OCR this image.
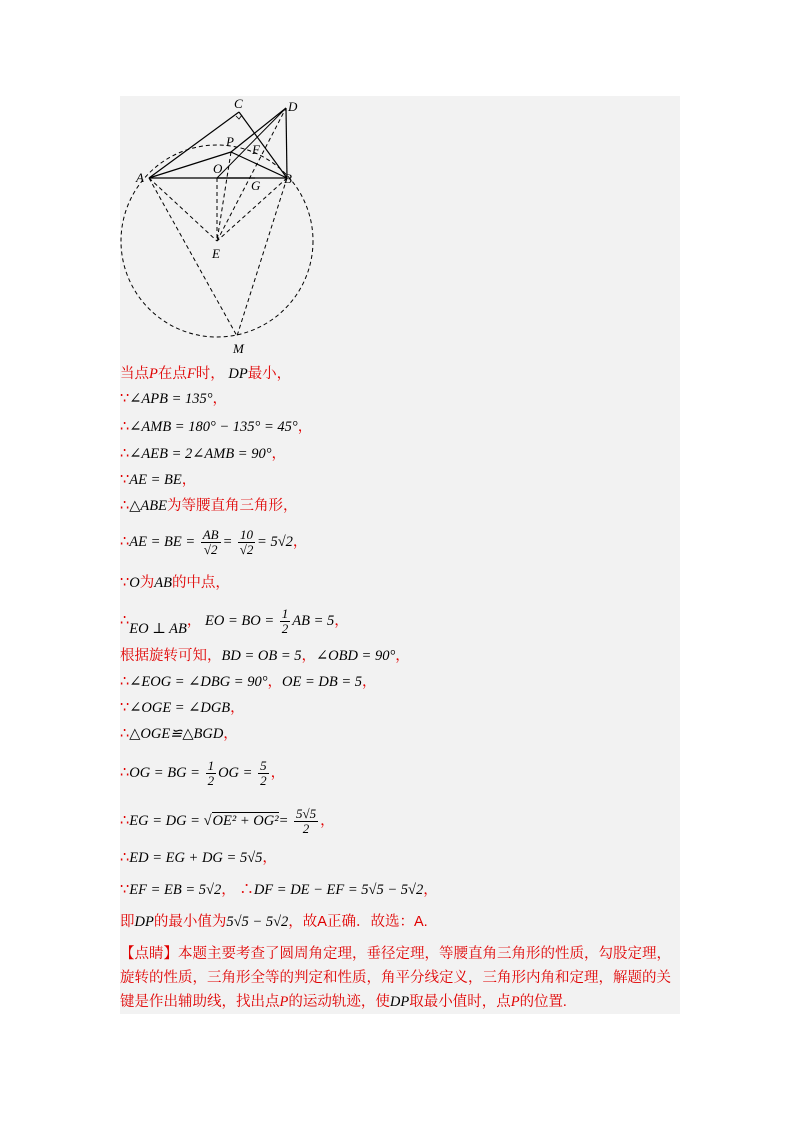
C	D
P
F
A
O
G B
E
M
当点P在点F时， DP最小，
∵∠APB = 135°，
∴∠AMB = 180° − 135° = 45°，
∴∠AEB = 2∠AMB = 90°，
∵AE = BE，
∴△ABE为等腰直角三角形，
∴AE = BE = $\frac{AB}{√2} = \frac{10}{√2} = 5√2$，
∵O为AB的中点，
∴EO ⊥ AB， EO = BO = $\frac{1}{2}$ AB = 5，
根据旋转可知，BD = OB = 5，∠OBD = 90°，
∴∠EOG = ∠DBG = 90°，OE = DB = 5，
∵∠OGE = ∠DGB，
∴△OGE≌△BGD，
∴OG = BG = $\frac{1}{2}$ OG = $\frac{5}{2}$ ，
∴EG = DG = $√OE^2 + OG^2= \frac{5√5}{2}$ ，
∴ED = EG + DG = 5√5，
∵EF = EB = 5√2， ∴DF = DE − EF = 5√5 − 5√2，
即DP的最小值为5√5 − 5√2，故A正确．故选：A.
【点睛】本题主要考查了圆周角定理，垂径定理，等腰直角三角形的性质，勾股定理，旋转的性质，三角形全等的判定和性质，角平分线定义，三角形内角和定理，解题的关键是作出辅助线，找出点P的运动轨迹，使DP取最小值时，点P的位置.
